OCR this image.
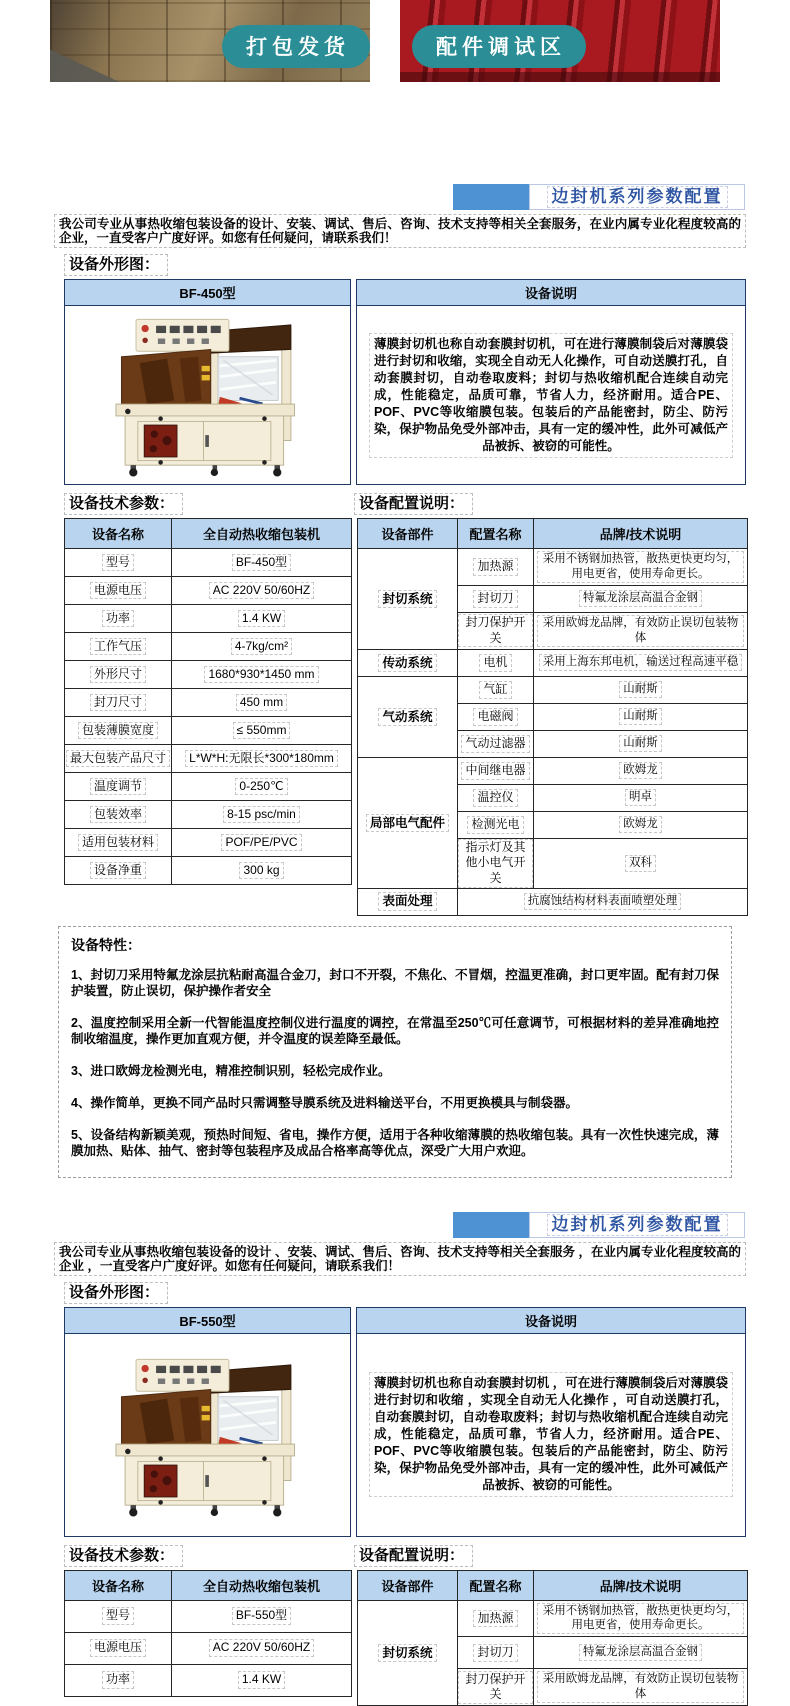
打包发货	配件调试区
边封机系列参数配置

我公司专业从事热收缩包装设备的设计、安装、调试、售后、咨询、技术支持等相关全套服务，在业内属专业化程度较高的企业，一直受客户广度好评。如您有任何疑问，请联系我们！

设备外形图：
BF-450型	设备说明

薄膜封切机也称自动套膜封切机，可在进行薄膜制袋后对薄膜袋进行封切和收缩，实现全自动无人化操作，可自动送膜打孔，自动套膜封切，自动卷取废料；封切与热收缩机配合连续自动完成，性能稳定，品质可靠，节省人力，经济耐用。适合PE、POF、PVC等收缩膜包装。包装后的产品能密封，防尘、防污染，保护物品免受外部冲击，具有一定的缓冲性，此外可减低产品被拆、被窃的可能性。

设备技术参数：	设备配置说明：
设备名称	全自动热收缩包装机
型号	BF-450型
电源电压	AC 220V 50/60HZ
功率	1.4 KW
工作气压	4-7kg/cm²
外形尺寸	1680*930*1450 mm
封刀尺寸	450 mm
包装薄膜宽度	≤ 550mm
最大包装产品尺寸	L*W*H:无限长*300*180mm
温度调节	0-250℃
包装效率	8-15 psc/min
适用包装材料	POF/PE/PVC
设备净重	300 kg
设备部件	配置名称	品牌/技术说明
封切系统	加热源	采用不锈钢加热管，散热更快更均匀，用电更省，使用寿命更长。
	封切刀	特氟龙涂层高温合金钢
	封刀保护开关	采用欧姆龙品牌，有效防止误切包装物体
传动系统	电机	采用上海东邦电机，输送过程高速平稳
气动系统	气缸	山耐斯
	电磁阀	山耐斯
	气动过滤器	山耐斯
局部电气配件	中间继电器	欧姆龙
	温控仪	明卓
	检测光电	欧姆龙
	指示灯及其他小电气开关	双科
表面处理	抗腐蚀结构材料表面喷塑处理	
设备特性：

1、封切刀采用特氟龙涂层抗粘耐高温合金刀，封口不开裂，不焦化、不冒烟，控温更准确，封口更牢固。配有封刀保护装置，防止误切，保护操作者安全

2、温度控制采用全新一代智能温度控制仪进行温度的调控，在常温至250℃可任意调节，可根据材料的差异准确地控制收缩温度，操作更加直观方便，并令温度的误差降至最低。

3、进口欧姆龙检测光电，精准控制识别，轻松完成作业。

4、操作简单，更换不同产品时只需调整导膜系统及进料输送平台，不用更换模具与制袋器。

5、设备结构新颖美观，预热时间短、省电，操作方便，适用于各种收缩薄膜的热收缩包装。具有一次性快速完成，薄膜加热、贴体、抽气、密封等包装程序及成品合格率高等优点，深受广大用户欢迎。

边封机系列参数配置

我公司专业从事热收缩包装设备的设计 、安装、调试、售后、咨询、技术支持等相关全套服务 ，在业内属专业化程度较高的企业 ，一直受客户广度好评。如您有任何疑问，请联系我们！

设备外形图：
BF-550型	设备说明

薄膜封切机也称自动套膜封切机 ，可在进行薄膜制袋后对薄膜袋进行封切和收缩 ，实现全自动无人化操作 ，可自动送膜打孔，自动套膜封切，自动卷取废料；封切与热收缩机配合连续自动完成，性能稳定，品质可靠，节省人力，经济耐用。适合PE、POF、PVC等收缩膜包装。包装后的产品能密封，防尘、防污染，保护物品免受外部冲击，具有一定的缓冲性，此外可减低产品被拆、被窃的可能性。

设备技术参数：	设备配置说明：
设备名称	全自动热收缩包装机
型号	BF-550型
电源电压	AC 220V 50/60HZ
功率	1.4 KW
设备部件	配置名称	品牌/技术说明
封切系统	加热源	采用不锈钢加热管，散热更快更均匀，用电更省，使用寿命更长。
	封切刀	特氟龙涂层高温合金钢
	封刀保护开关	采用欧姆龙品牌，有效防止误切包装物体
